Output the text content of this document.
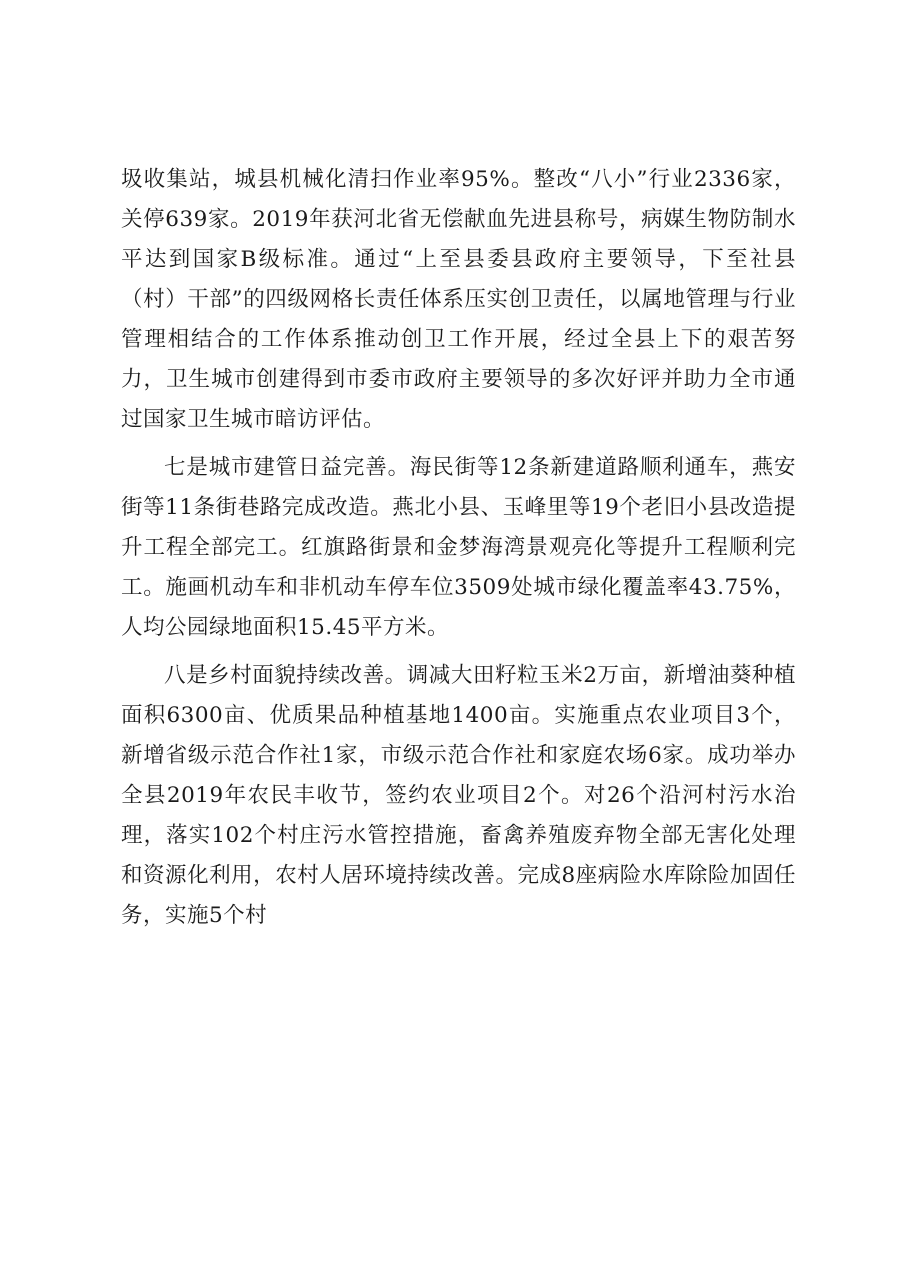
圾收集站，城县机械化清扫作业率95%。整改“八小”行业2336家，关停639家。2019年获河北省无偿献血先进县称号，病媒生物防制水平达到国家B级标准。通过“上至县委县政府主要领导，下至社县（村）干部”的四级网格长责任体系压实创卫责任，以属地管理与行业管理相结合的工作体系推动创卫工作开展，经过全县上下的艰苦努力，卫生城市创建得到市委市政府主要领导的多次好评并助力全市通过国家卫生城市暗访评估。

七是城市建管日益完善。海民街等12条新建道路顺利通车，燕安街等11条街巷路完成改造。燕北小县、玉峰里等19个老旧小县改造提升工程全部完工。红旗路街景和金梦海湾景观亮化等提升工程顺利完工。施画机动车和非机动车停车位3509处城市绿化覆盖率43.75%，人均公园绿地面积15.45平方米。

八是乡村面貌持续改善。调减大田籽粒玉米2万亩，新增油葵种植面积6300亩、优质果品种植基地1400亩。实施重点农业项目3个，新增省级示范合作社1家，市级示范合作社和家庭农场6家。成功举办全县2019年农民丰收节，签约农业项目2个。对26个沿河村污水治理，落实102个村庄污水管控措施，畜禽养殖废弃物全部无害化处理和资源化利用，农村人居环境持续改善。完成8座病险水库除险加固任务，实施5个村
